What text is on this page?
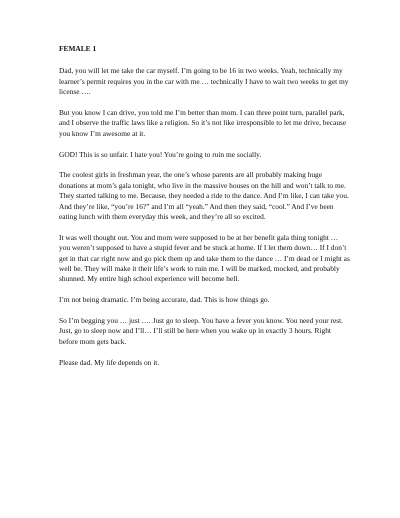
FEMALE 1

Dad, you will let me take the car myself. I’m going to be 16 in two weeks. Yeah, technically my learner’s permit requires you in the car with me … technically I have to wait two weeks to get my license ….

But you know I can drive, you told me I’m better than mom. I can three point turn, parallel park, and I observe the traffic laws like a religion. So it’s not like irresponsible to let me drive, because you know I’m awesome at it.

GOD! This is so unfair. I hate you! You’re going to ruin me socially.

The coolest girls in freshman year, the one’s whose parents are all probably making huge donations at mom’s gala tonight, who live in the massive houses on the hill and won’t talk to me. They started talking to me. Because, they needed a ride to the dance. And I’m like, I can take you. And they’re like, “you’re 16?” and I’m all “yeah.” And then they said, “cool.” And I’ve been eating lunch with them everyday this week, and they’re all so excited.

It was well thought out. You and mom were supposed to be at her benefit gala thing tonight … you weren’t supposed to have a stupid fever and be stuck at home. If I let them down… If I don’t get in that car right now and go pick them up and take them to the dance … I’m dead or I might as well be. They will make it their life’s work to ruin me. I will be marked, mocked, and probably shunned. My entire high school experience will become hell.

I’m not being dramatic. I’m being accurate, dad. This is how things go.

So I’m begging you … just …. Just go to sleep. You have a fever you know. You need your rest. Just, go to sleep now and I’ll… I’ll still be here when you wake up in exactly 3 hours. Right before mom gets back.

Please dad. My life depends on it.
